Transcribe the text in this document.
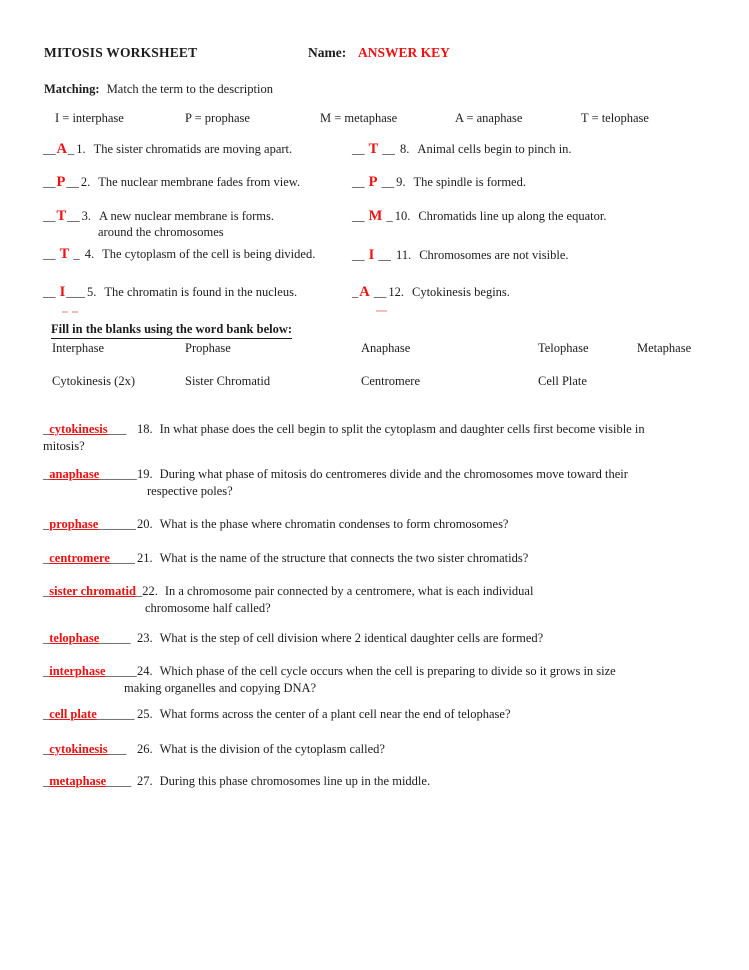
MITOSIS WORKSHEET	Name: ANSWER KEY
Matching: Match the term to the description
I = interphase	P = prophase	M = metaphase	A = anaphase	T = telophase
__A_ 1. The sister chromatids are moving apart.
__P__ 2. The nuclear membrane fades from view.
__T__ 3. A new nuclear membrane is forms.
around the chromosomes
__ T _ 4. The cytoplasm of the cell is being divided.
__ I___ 5. The chromatin is found in the nucleus.
__ T __ 8. Animal cells begin to pinch in.
__ P __ 9. The spindle is formed.
__ M _ 10. Chromatids line up along the equator.
__ I __ 11. Chromosomes are not visible.
_A __ 12. Cytokinesis begins.
Fill in the blanks using the word bank below:
Interphase	Prophase	Anaphase	Telophase	Metaphase
Cytokinesis (2x)	Sister Chromatid	Centromere	Cell Plate
_cytokinesis___ 18. In what phase does the cell begin to split the cytoplasm and daughter cells first become visible in
mitosis?
_anaphase______19. During what phase of mitosis do centromeres divide and the chromosomes move toward their
respective poles?
_prophase______20. What is the phase where chromatin condenses to form chromosomes?
_centromere____ 21. What is the name of the structure that connects the two sister chromatids?
_sister chromatid_22. In a chromosome pair connected by a centromere, what is each individual
chromosome half called?
_telophase_____ 23. What is the step of cell division where 2 identical daughter cells are formed?
_interphase_____24. Which phase of the cell cycle occurs when the cell is preparing to divide so it grows in size
making organelles and copying DNA?
_cell plate______ 25. What forms across the center of a plant cell near the end of telophase?
_cytokinesis___ 26. What is the division of the cytoplasm called?
_metaphase____ 27. During this phase chromosomes line up in the middle.
